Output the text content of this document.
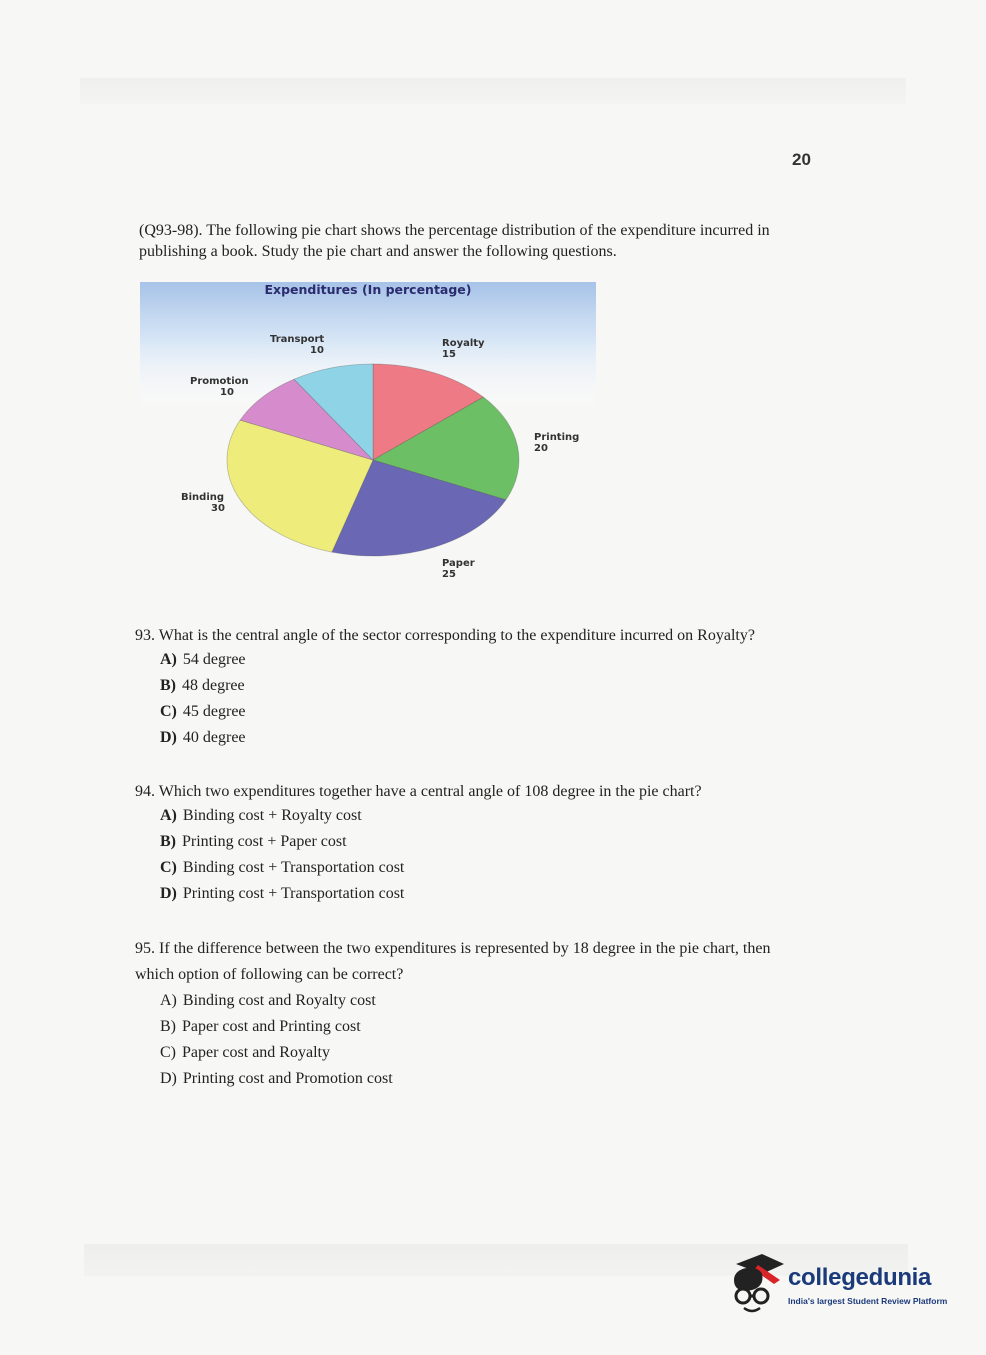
20

(Q93-98). The following pie chart shows the percentage distribution of the expenditure incurred in publishing a book. Study the pie chart and answer the following questions.

Expenditures (In percentage)
Royalty
15
Printing
20
Paper
25
Binding
30
Promotion
10
Transport
10

93. What is the central angle of the sector corresponding to the expenditure incurred on Royalty?

A) 54 degree
B) 48 degree
C) 45 degree
D) 40 degree

94. Which two expenditures together have a central angle of 108 degree in the pie chart?

A) Binding cost + Royalty cost
B) Printing cost + Paper cost
C) Binding cost + Transportation cost
D) Printing cost + Transportation cost

95. If the difference between the two expenditures is represented by 18 degree in the pie chart, then which option of following can be correct?

A) Binding cost and Royalty cost
B) Paper cost and Printing cost
C) Paper cost and Royalty
D) Printing cost and Promotion cost
collegedunia
India's largest Student Review Platform
